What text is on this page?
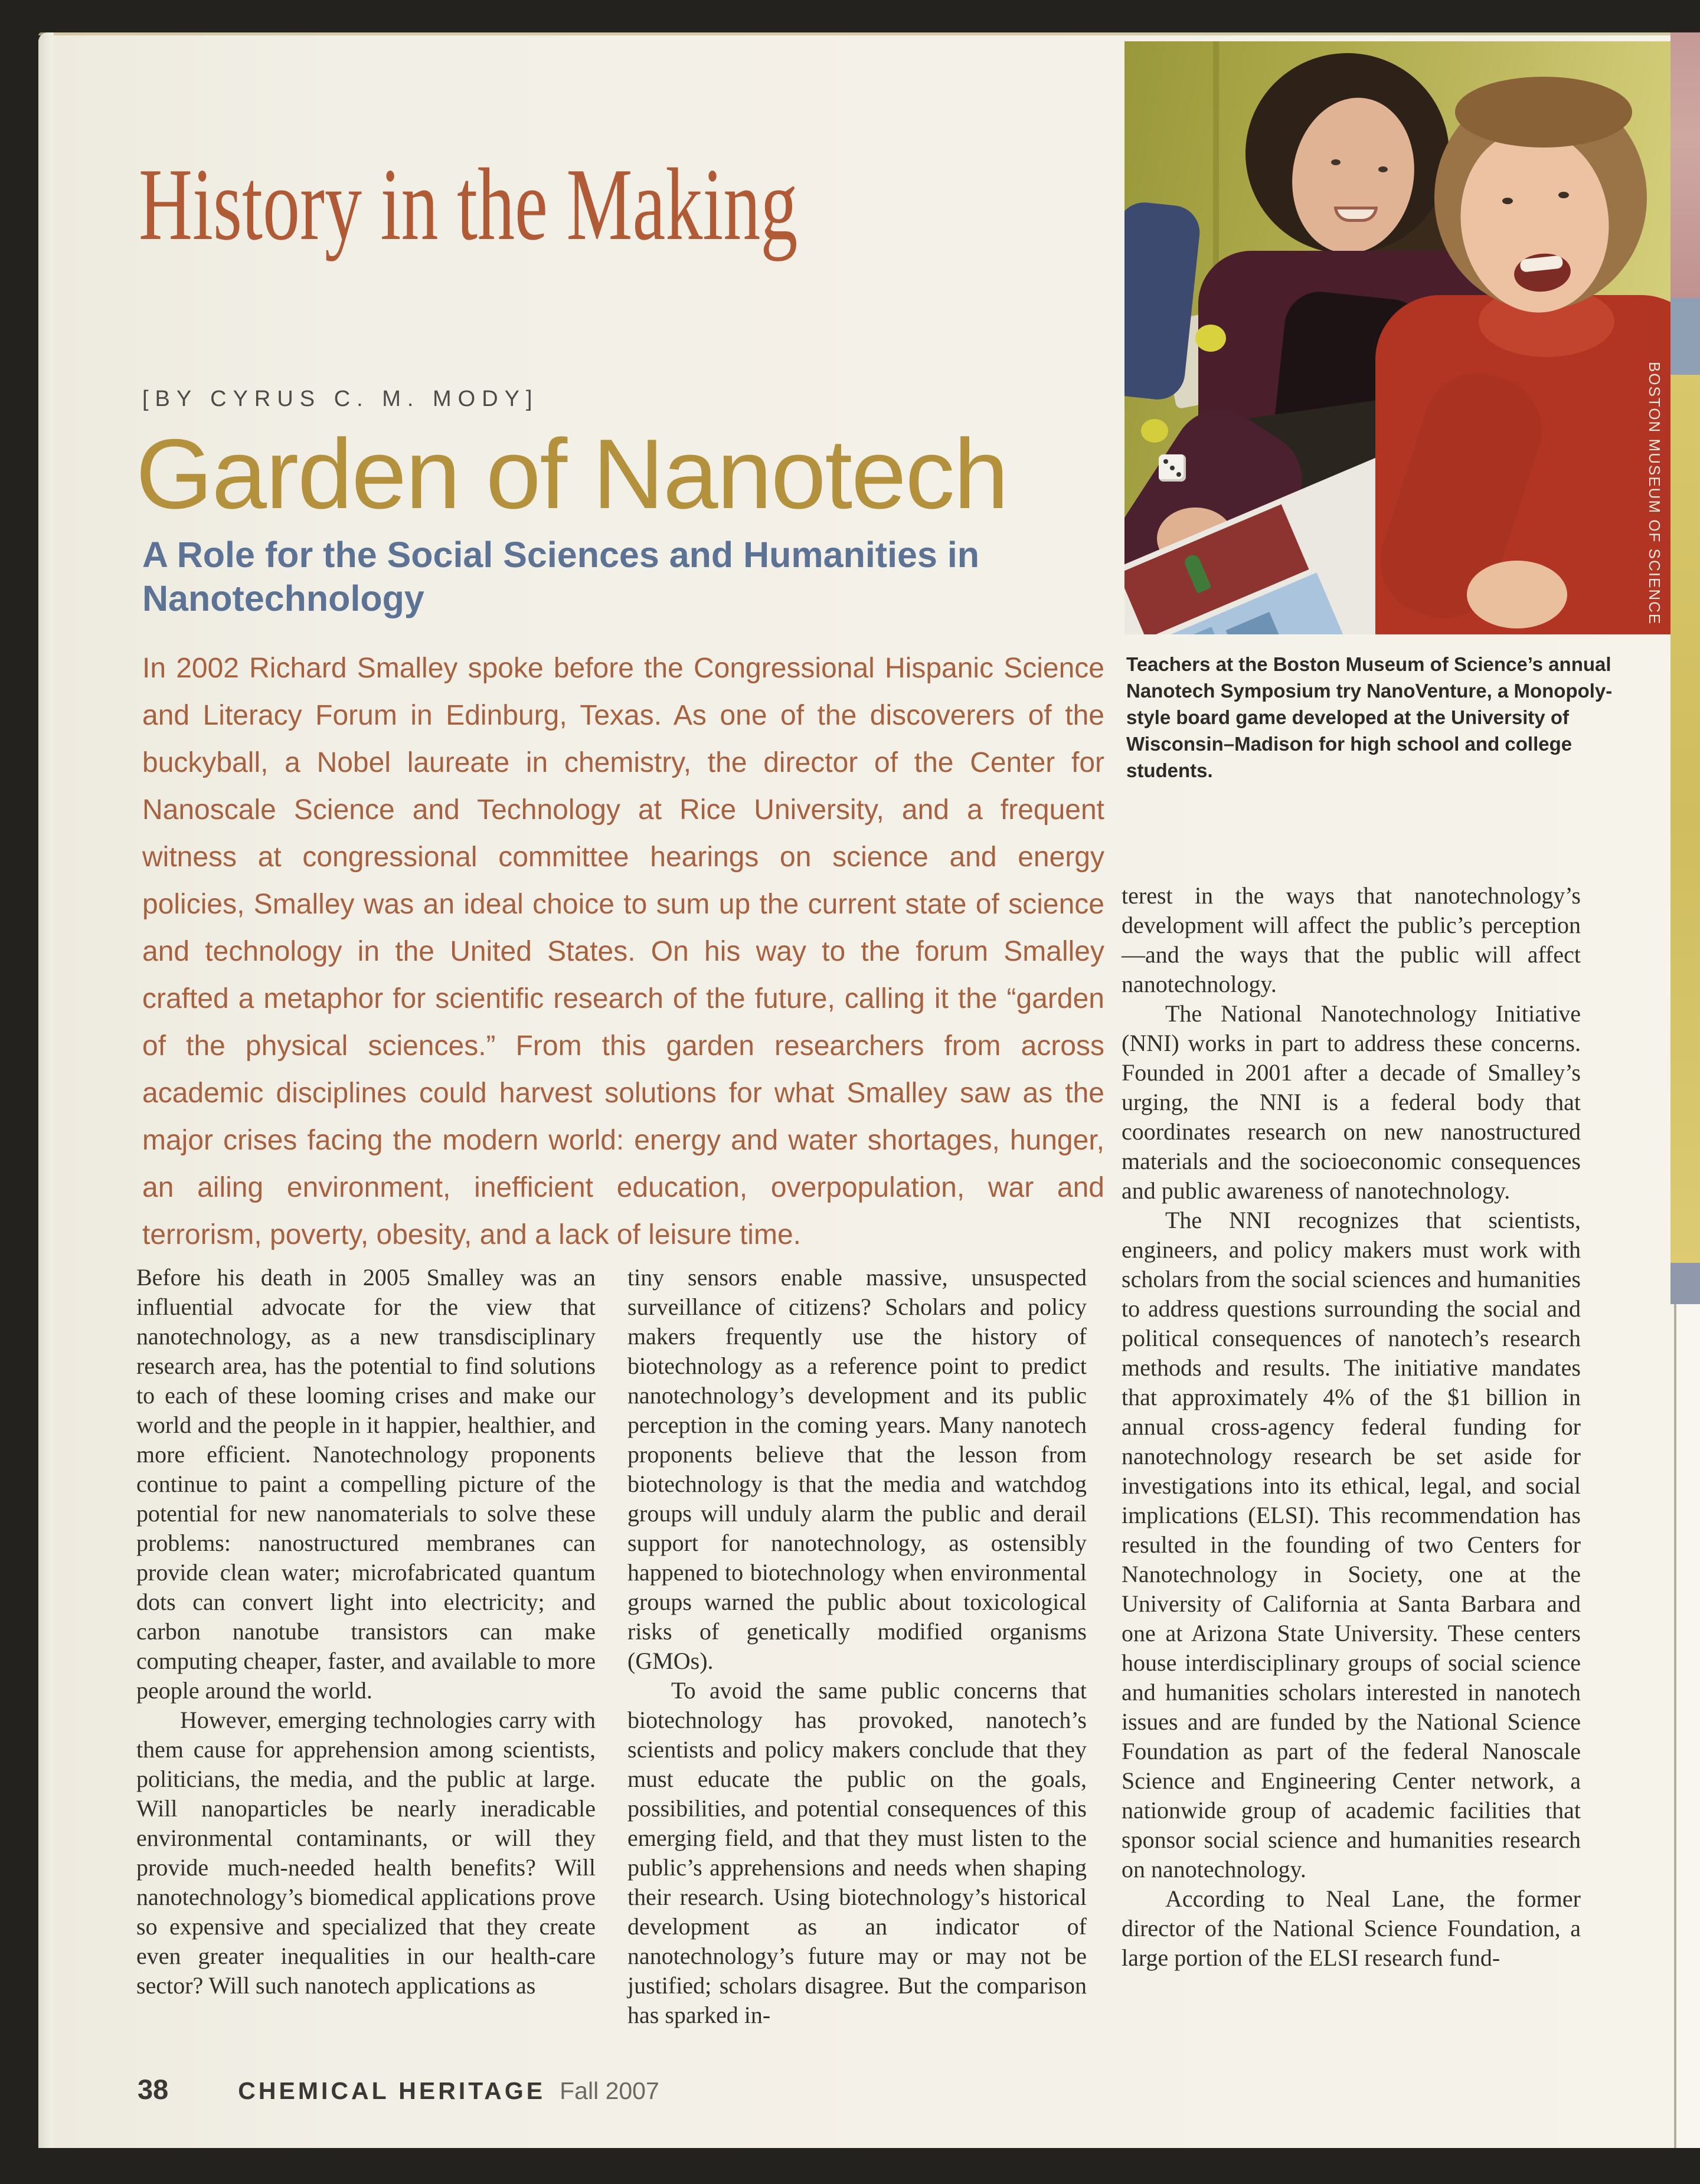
History in the Making
[BY CYRUS C. M. MODY]
Garden of Nanotech
A Role for the Social Sciences and Humanities in Nanotechnology
In 2002 Richard Smalley spoke before the Congressional Hispanic Science and Literacy Forum in Edinburg, Texas. As one of the discoverers of the buckyball, a Nobel laureate in chemistry, the director of the Center for Nanoscale Science and Technology at Rice University, and a frequent witness at congressional committee hearings on science and energy policies, Smalley was an ideal choice to sum up the current state of science and technology in the United States. On his way to the forum Smalley crafted a metaphor for scientific research of the future, calling it the “garden of the physical sciences.” From this garden researchers from across academic disciplines could harvest solutions for what Smalley saw as the major crises facing the modern world: energy and water shortages, hunger, an ailing environment, inefficient education, overpopulation, war and terrorism, poverty, obesity, and a lack of leisure time.
BOSTON MUSEUM OF SCIENCE
Teachers at the Boston Museum of Science’s annual Nanotech Symposium try NanoVenture, a Monopoly-style board game developed at the University of Wisconsin–Madison for high school and college students.

Before his death in 2005 Smalley was an influential advocate for the view that nanotechnology, as a new transdisciplinary research area, has the potential to find solutions to each of these looming crises and make our world and the people in it happier, healthier, and more efficient. Nanotechnology proponents continue to paint a compelling picture of the potential for new nanomaterials to solve these problems: nanostructured membranes can provide clean water; microfabricated quantum dots can convert light into electricity; and carbon nanotube transistors can make computing cheaper, faster, and available to more people around the world.

However, emerging technologies carry with them cause for apprehension among scientists, politicians, the media, and the public at large. Will nanoparticles be nearly ineradicable environmental contaminants, or will they provide much-needed health benefits? Will nanotechnology’s biomedical applications prove so expensive and specialized that they create even greater inequalities in our health-care sector? Will such nanotech applications as

tiny sensors enable massive, unsuspected surveillance of citizens? Scholars and policy makers frequently use the history of biotechnology as a reference point to predict nanotechnology’s development and its public perception in the coming years. Many nanotech proponents believe that the lesson from biotechnology is that the media and watchdog groups will unduly alarm the public and derail support for nanotechnology, as ostensibly happened to biotechnology when environmental groups warned the public about toxicological risks of genetically modified organisms (GMOs).

To avoid the same public concerns that biotechnology has provoked, nanotech’s scientists and policy makers conclude that they must educate the public on the goals, possibilities, and potential consequences of this emerging field, and that they must listen to the public’s apprehensions and needs when shaping their research. Using biotechnology’s historical development as an indicator of nanotechnology’s future may or may not be justified; scholars disagree. But the comparison has sparked in-

terest in the ways that nanotechnology’s development will affect the public’s perception—and the ways that the public will affect nanotechnology.

The National Nanotechnology Initiative (NNI) works in part to address these concerns. Founded in 2001 after a decade of Smalley’s urging, the NNI is a federal body that coordinates research on new nanostructured materials and the socioeconomic consequences and public awareness of nanotechnology.

The NNI recognizes that scientists, engineers, and policy makers must work with scholars from the social sciences and humanities to address questions surrounding the social and political consequences of nanotech’s research methods and results. The initiative mandates that approximately 4% of the $1 billion in annual cross-agency federal funding for nanotechnology research be set aside for investigations into its ethical, legal, and social implications (ELSI). This recommendation has resulted in the founding of two Centers for Nanotechnology in Society, one at the University of California at Santa Barbara and one at Arizona State University. These centers house interdisciplinary groups of social science and humanities scholars interested in nanotech issues and are funded by the National Science Foundation as part of the federal Nanoscale Science and Engineering Center network, a nationwide group of academic facilities that sponsor social science and humanities research on nanotechnology.

According to Neal Lane, the former director of the National Science Foundation, a large portion of the ELSI research fund-

38	CHEMICAL HERITAGE Fall 2007
